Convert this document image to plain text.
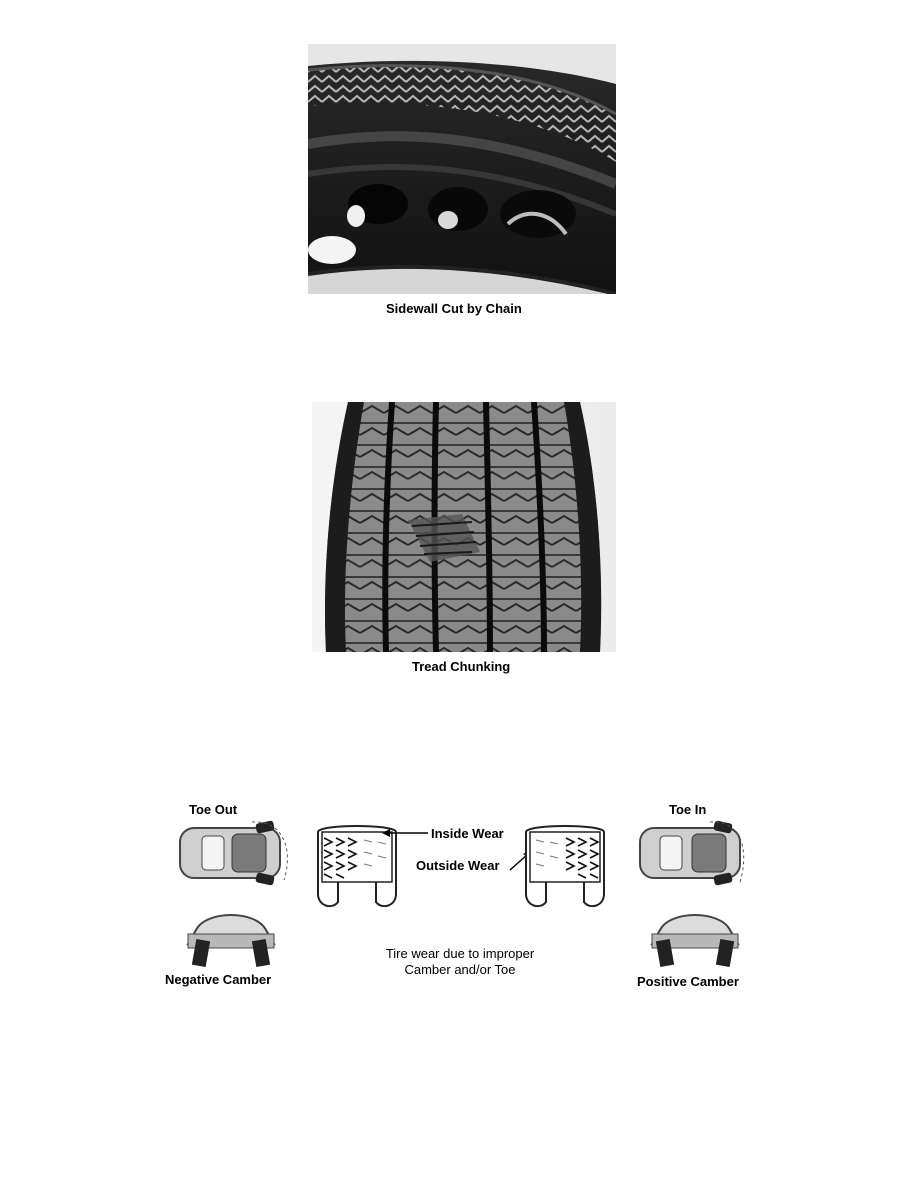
Sidewall Cut by Chain
Tread Chunking
Toe Out	Toe In
Negative Camber
Inside Wear
Outside Wear
Tire wear due to improper
Camber and/or Toe
Positive Camber
